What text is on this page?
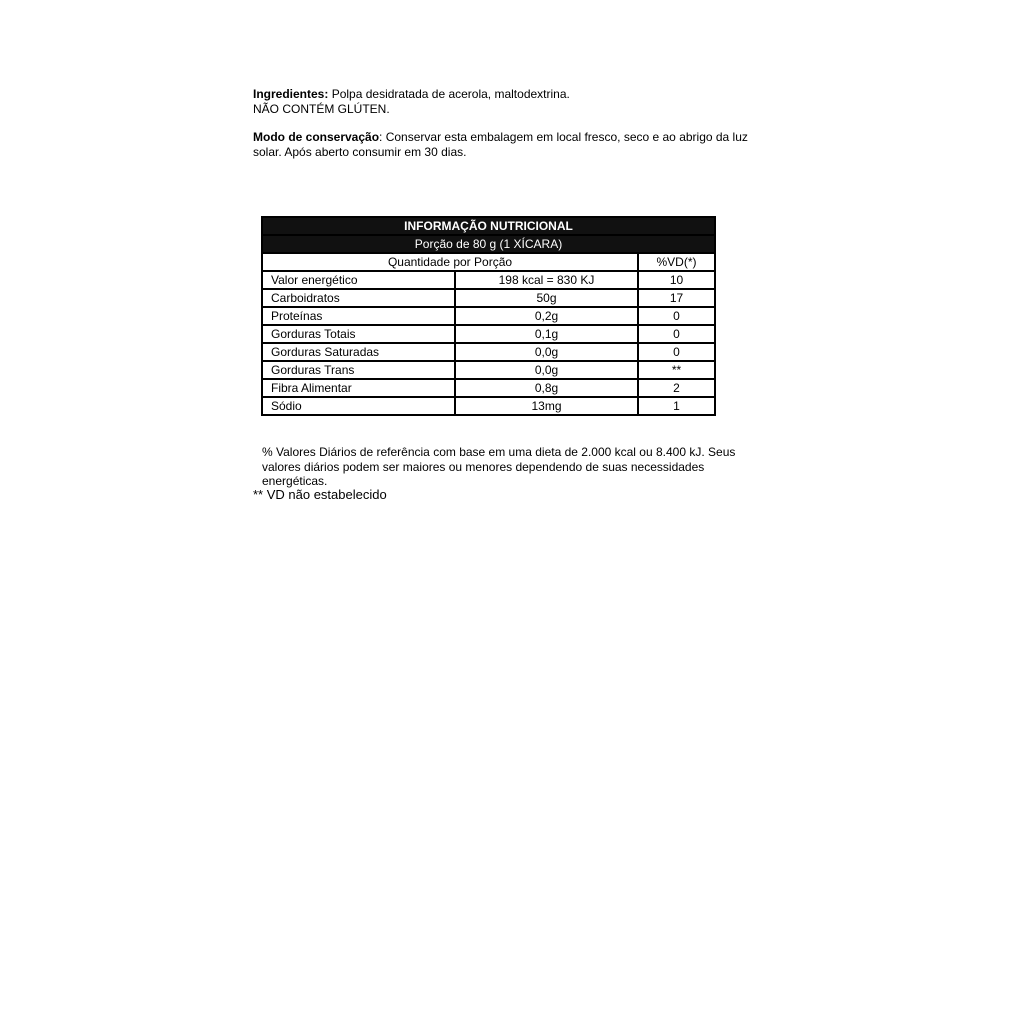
Ingredientes: Polpa desidratada de acerola, maltodextrina.
NÃO CONTÉM GLÚTEN.
Modo de conservação: Conservar esta embalagem em local fresco, seco e ao abrigo da luz solar. Após aberto consumir em 30 dias.
INFORMAÇÃO NUTRICIONAL		
Porção de 80 g (1 XÍCARA)		
Quantidade por Porção		%VD(*)
Valor energético	198 kcal = 830 KJ	10
Carboidratos	50g	17
Proteínas	0,2g	0
Gorduras Totais	0,1g	0
Gorduras Saturadas	0,0g	0
Gorduras Trans	0,0g	**
Fibra Alimentar	0,8g	2
Sódio	13mg	1
% Valores Diários de referência com base em uma dieta de 2.000 kcal ou 8.400 kJ. Seus valores diários podem ser maiores ou menores dependendo de suas necessidades energéticas.
** VD não estabelecido
